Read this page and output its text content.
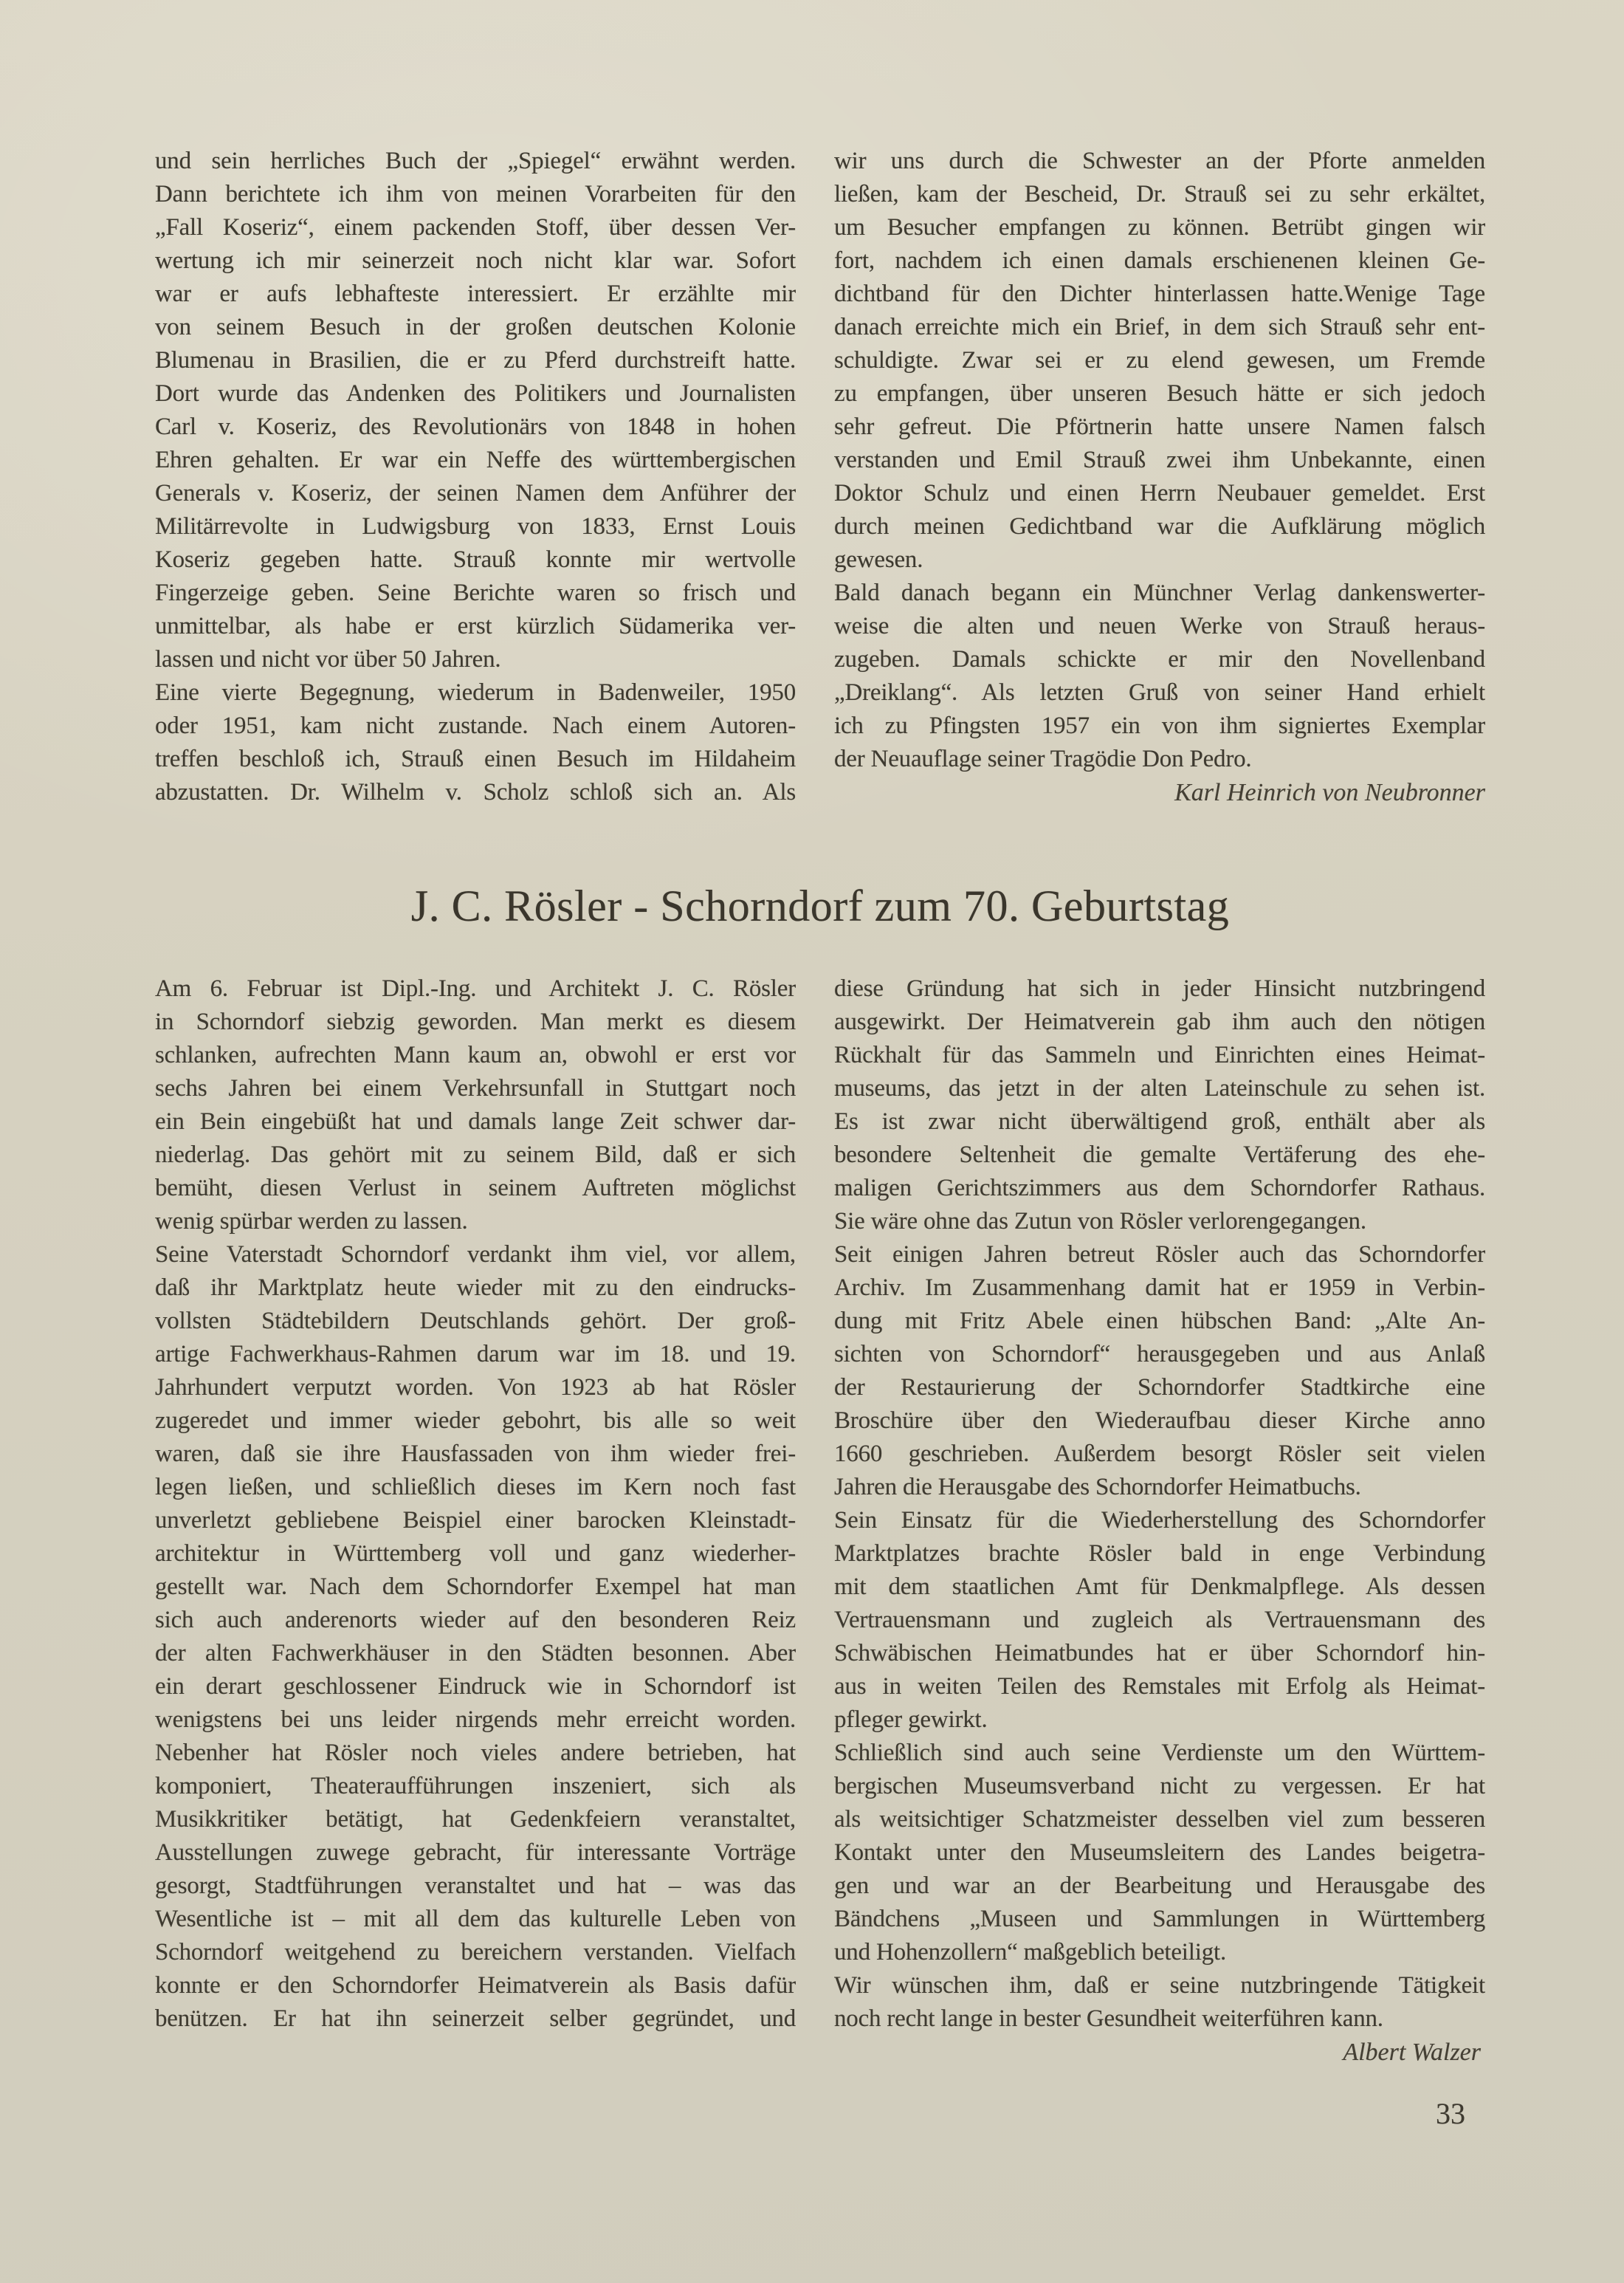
und sein herrliches Buch der „Spiegel“ erwähnt werden.
Dann berichtete ich ihm von meinen Vorarbeiten für den
„Fall Koseriz“, einem packenden Stoff, über dessen Ver-
wertung ich mir seinerzeit noch nicht klar war. Sofort
war er aufs lebhafteste interessiert. Er erzählte mir
von seinem Besuch in der großen deutschen Kolonie
Blumenau in Brasilien, die er zu Pferd durchstreift hatte.
Dort wurde das Andenken des Politikers und Journalisten
Carl v. Koseriz, des Revolutionärs von 1848 in hohen
Ehren gehalten. Er war ein Neffe des württembergischen
Generals v. Koseriz, der seinen Namen dem Anführer der
Militärrevolte in Ludwigsburg von 1833, Ernst Louis
Koseriz gegeben hatte. Strauß konnte mir wertvolle
Fingerzeige geben. Seine Berichte waren so frisch und
unmittelbar, als habe er erst kürzlich Südamerika ver-
lassen und nicht vor über 50 Jahren.
Eine vierte Begegnung, wiederum in Badenweiler, 1950
oder 1951, kam nicht zustande. Nach einem Autoren-
treffen beschloß ich, Strauß einen Besuch im Hildaheim
abzustatten. Dr. Wilhelm v. Scholz schloß sich an. Als
wir uns durch die Schwester an der Pforte anmelden
ließen, kam der Bescheid, Dr. Strauß sei zu sehr erkältet,
um Besucher empfangen zu können. Betrübt gingen wir
fort, nachdem ich einen damals erschienenen kleinen Ge-
dichtband für den Dichter hinterlassen hatte.Wenige Tage
danach erreichte mich ein Brief, in dem sich Strauß sehr ent-
schuldigte. Zwar sei er zu elend gewesen, um Fremde
zu empfangen, über unseren Besuch hätte er sich jedoch
sehr gefreut. Die Pförtnerin hatte unsere Namen falsch
verstanden und Emil Strauß zwei ihm Unbekannte, einen
Doktor Schulz und einen Herrn Neubauer gemeldet. Erst
durch meinen Gedichtband war die Aufklärung möglich
gewesen.
Bald danach begann ein Münchner Verlag dankenswerter-
weise die alten und neuen Werke von Strauß heraus-
zugeben. Damals schickte er mir den Novellenband
„Dreiklang“. Als letzten Gruß von seiner Hand erhielt
ich zu Pfingsten 1957 ein von ihm signiertes Exemplar
der Neuauflage seiner Tragödie Don Pedro.
Karl Heinrich von Neubronner
J. C. Rösler - Schorndorf zum 70. Geburtstag
Am 6. Februar ist Dipl.-Ing. und Architekt J. C. Rösler
in Schorndorf siebzig geworden. Man merkt es diesem
schlanken, aufrechten Mann kaum an, obwohl er erst vor
sechs Jahren bei einem Verkehrsunfall in Stuttgart noch
ein Bein eingebüßt hat und damals lange Zeit schwer dar-
niederlag. Das gehört mit zu seinem Bild, daß er sich
bemüht, diesen Verlust in seinem Auftreten möglichst
wenig spürbar werden zu lassen.
Seine Vaterstadt Schorndorf verdankt ihm viel, vor allem,
daß ihr Marktplatz heute wieder mit zu den eindrucks-
vollsten Städtebildern Deutschlands gehört. Der groß-
artige Fachwerkhaus-Rahmen darum war im 18. und 19.
Jahrhundert verputzt worden. Von 1923 ab hat Rösler
zugeredet und immer wieder gebohrt, bis alle so weit
waren, daß sie ihre Hausfassaden von ihm wieder frei-
legen ließen, und schließlich dieses im Kern noch fast
unverletzt gebliebene Beispiel einer barocken Kleinstadt-
architektur in Württemberg voll und ganz wiederher-
gestellt war. Nach dem Schorndorfer Exempel hat man
sich auch anderenorts wieder auf den besonderen Reiz
der alten Fachwerkhäuser in den Städten besonnen. Aber
ein derart geschlossener Eindruck wie in Schorndorf ist
wenigstens bei uns leider nirgends mehr erreicht worden.
Nebenher hat Rösler noch vieles andere betrieben, hat
komponiert, Theateraufführungen inszeniert, sich als
Musikkritiker betätigt, hat Gedenkfeiern veranstaltet,
Ausstellungen zuwege gebracht, für interessante Vorträge
gesorgt, Stadtführungen veranstaltet und hat – was das
Wesentliche ist – mit all dem das kulturelle Leben von
Schorndorf weitgehend zu bereichern verstanden. Vielfach
konnte er den Schorndorfer Heimatverein als Basis dafür
benützen. Er hat ihn seinerzeit selber gegründet, und
diese Gründung hat sich in jeder Hinsicht nutzbringend
ausgewirkt. Der Heimatverein gab ihm auch den nötigen
Rückhalt für das Sammeln und Einrichten eines Heimat-
museums, das jetzt in der alten Lateinschule zu sehen ist.
Es ist zwar nicht überwältigend groß, enthält aber als
besondere Seltenheit die gemalte Vertäferung des ehe-
maligen Gerichtszimmers aus dem Schorndorfer Rathaus.
Sie wäre ohne das Zutun von Rösler verlorengegangen.
Seit einigen Jahren betreut Rösler auch das Schorndorfer
Archiv. Im Zusammenhang damit hat er 1959 in Verbin-
dung mit Fritz Abele einen hübschen Band: „Alte An-
sichten von Schorndorf“ herausgegeben und aus Anlaß
der Restaurierung der Schorndorfer Stadtkirche eine
Broschüre über den Wiederaufbau dieser Kirche anno
1660 geschrieben. Außerdem besorgt Rösler seit vielen
Jahren die Herausgabe des Schorndorfer Heimatbuchs.
Sein Einsatz für die Wiederherstellung des Schorndorfer
Marktplatzes brachte Rösler bald in enge Verbindung
mit dem staatlichen Amt für Denkmalpflege. Als dessen
Vertrauensmann und zugleich als Vertrauensmann des
Schwäbischen Heimatbundes hat er über Schorndorf hin-
aus in weiten Teilen des Remstales mit Erfolg als Heimat-
pfleger gewirkt.
Schließlich sind auch seine Verdienste um den Württem-
bergischen Museumsverband nicht zu vergessen. Er hat
als weitsichtiger Schatzmeister desselben viel zum besseren
Kontakt unter den Museumsleitern des Landes beigetra-
gen und war an der Bearbeitung und Herausgabe des
Bändchens „Museen und Sammlungen in Württemberg
und Hohenzollern“ maßgeblich beteiligt.
Wir wünschen ihm, daß er seine nutzbringende Tätigkeit
noch recht lange in bester Gesundheit weiterführen kann.
Albert Walzer
33
